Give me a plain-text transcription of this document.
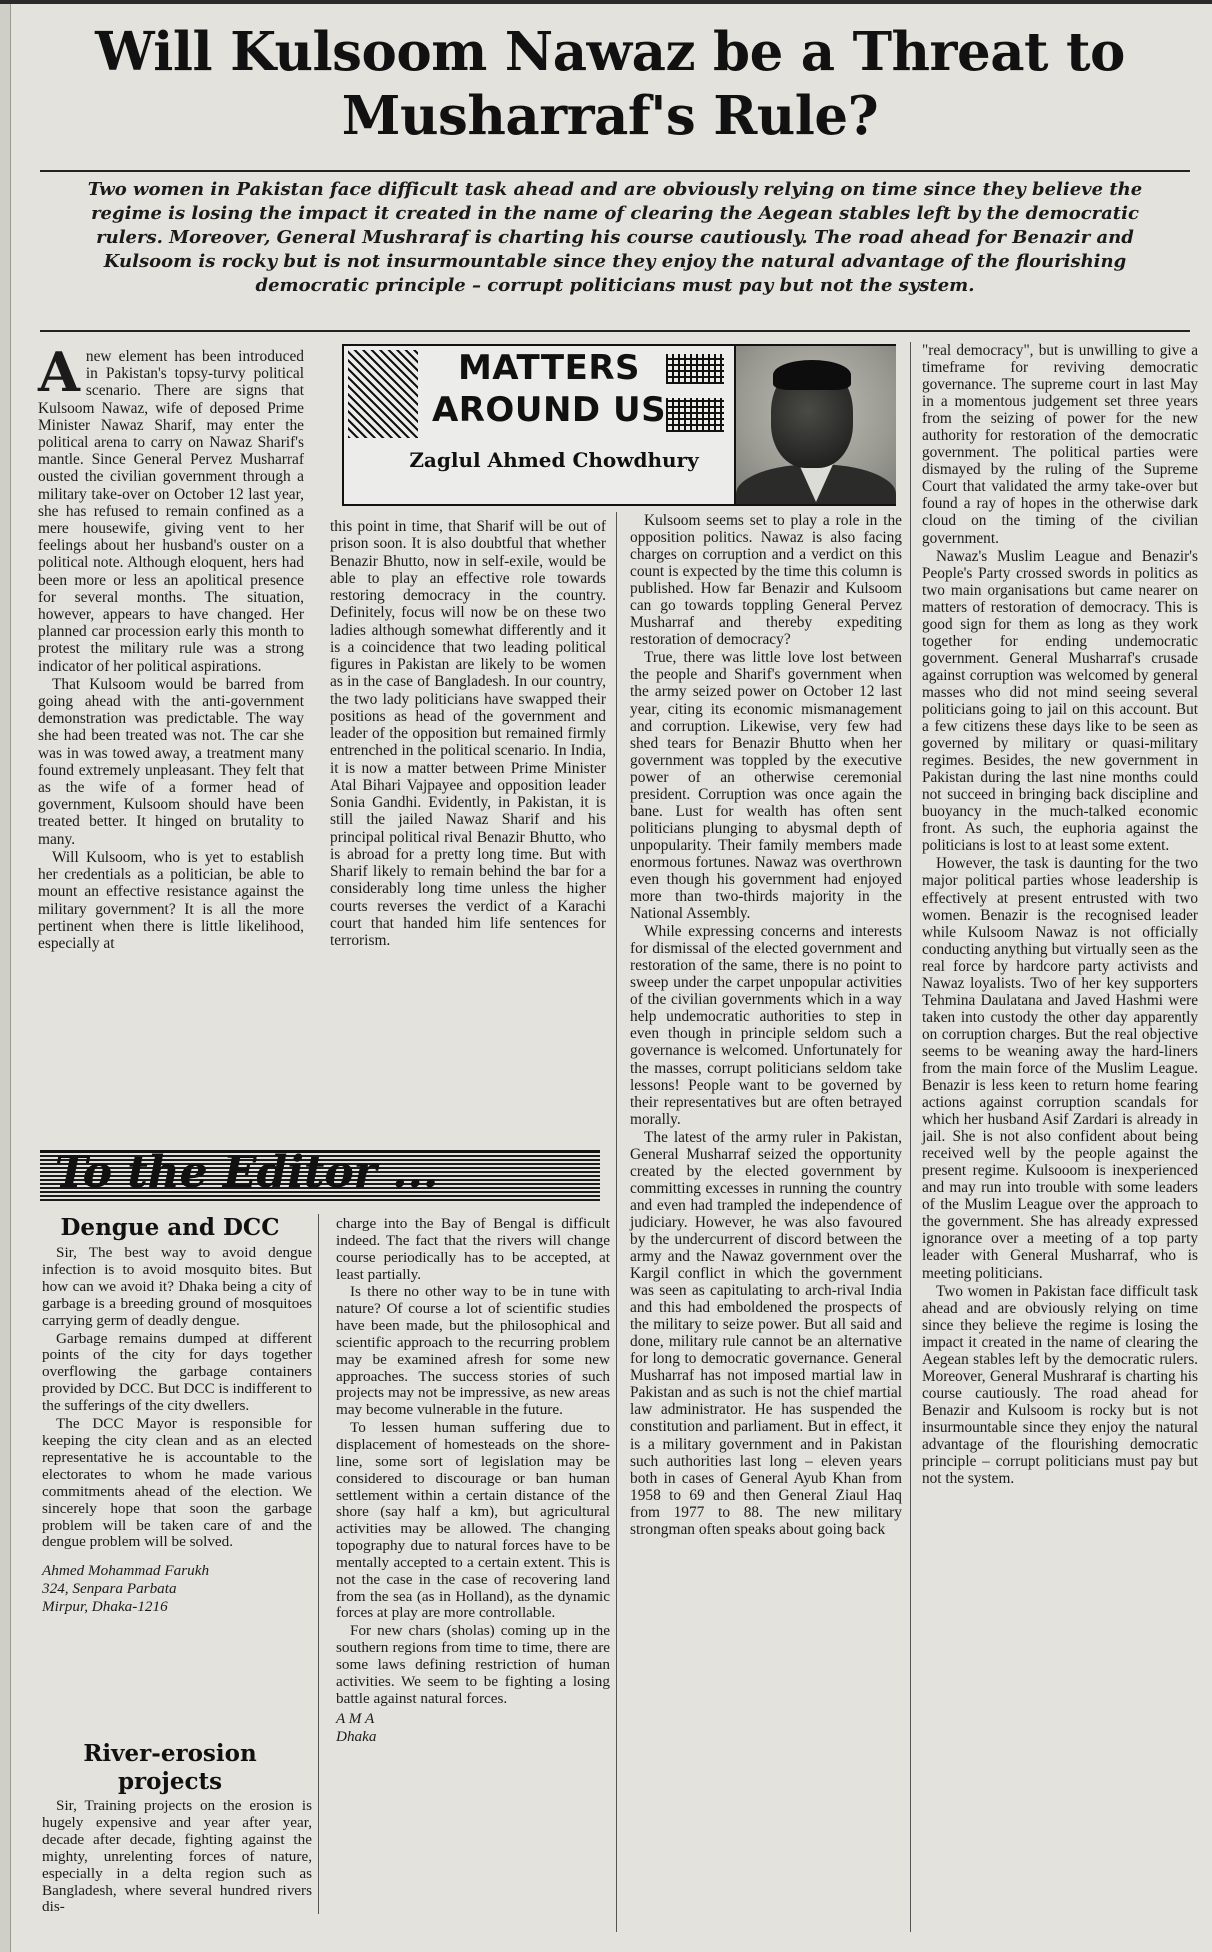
Will Kulsoom Nawaz be a Threat to Musharraf's Rule?

Two women in Pakistan face difficult task ahead and are obviously relying on time since they believe the regime is losing the impact it created in the name of clearing the Aegean stables left by the democratic rulers. Moreover, General Mushraraf is charting his course cautiously. The road ahead for Benazir and Kulsoom is rocky but is not insurmountable since they enjoy the natural advantage of the flourishing democratic principle – corrupt politicians must pay but not the system.

MATTERS
AROUND US
Zaglul Ahmed Chowdhury

Anew element has been introduced in Pakistan's topsy-turvy political scenario. There are signs that Kulsoom Nawaz, wife of deposed Prime Minister Nawaz Sharif, may enter the political arena to carry on Nawaz Sharif's mantle. Since General Pervez Musharraf ousted the civilian government through a military take-over on October 12 last year, she has refused to remain confined as a mere housewife, giving vent to her feelings about her husband's ouster on a political note. Although eloquent, hers had been more or less an apolitical presence for several months. The situation, however, appears to have changed. Her planned car procession early this month to protest the military rule was a strong indicator of her political aspirations.

That Kulsoom would be barred from going ahead with the anti-government demonstration was predictable. The way she had been treated was not. The car she was in was towed away, a treatment many found extremely unpleasant. They felt that as the wife of a former head of government, Kulsoom should have been treated better. It hinged on brutality to many.

Will Kulsoom, who is yet to establish her credentials as a politician, be able to mount an effective resistance against the military government? It is all the more pertinent when there is little likelihood, especially at

this point in time, that Sharif will be out of prison soon. It is also doubtful that whether Benazir Bhutto, now in self-exile, would be able to play an effective role towards restoring democracy in the country. Definitely, focus will now be on these two ladies although somewhat differently and it is a coincidence that two leading political figures in Pakistan are likely to be women as in the case of Bangladesh. In our country, the two lady politicians have swapped their positions as head of the government and leader of the opposition but remained firmly entrenched in the political scenario. In India, it is now a matter between Prime Minister Atal Bihari Vajpayee and opposition leader Sonia Gandhi. Evidently, in Pakistan, it is still the jailed Nawaz Sharif and his principal political rival Benazir Bhutto, who is abroad for a pretty long time. But with Sharif likely to remain behind the bar for a considerably long time unless the higher courts reverses the verdict of a Karachi court that handed him life sentences for terrorism.

Kulsoom seems set to play a role in the opposition politics. Nawaz is also facing charges on corruption and a verdict on this count is expected by the time this column is published. How far Benazir and Kulsoom can go towards toppling General Pervez Musharraf and thereby expediting restoration of democracy?

True, there was little love lost between the people and Sharif's government when the army seized power on October 12 last year, citing its economic mismanagement and corruption. Likewise, very few had shed tears for Benazir Bhutto when her government was toppled by the executive power of an otherwise ceremonial president. Corruption was once again the bane. Lust for wealth has often sent politicians plunging to abysmal depth of unpopularity. Their family members made enormous fortunes. Nawaz was overthrown even though his government had enjoyed more than two-thirds majority in the National Assembly.

While expressing concerns and interests for dismissal of the elected government and restoration of the same, there is no point to sweep under the carpet unpopular activities of the civilian governments which in a way help undemocratic authorities to step in even though in principle seldom such a governance is welcomed. Unfortunately for the masses, corrupt politicians seldom take lessons! People want to be governed by their representatives but are often betrayed morally.

The latest of the army ruler in Pakistan, General Musharraf seized the opportunity created by the elected government by committing excesses in running the country and even had trampled the independence of judiciary. However, he was also favoured by the undercurrent of discord between the army and the Nawaz government over the Kargil conflict in which the government was seen as capitulating to arch-rival India and this had emboldened the prospects of the military to seize power. But all said and done, military rule cannot be an alternative for long to democratic governance. General Musharraf has not imposed martial law in Pakistan and as such is not the chief martial law administrator. He has suspended the constitution and parliament. But in effect, it is a military government and in Pakistan such authorities last long – eleven years both in cases of General Ayub Khan from 1958 to 69 and then General Ziaul Haq from 1977 to 88. The new military strongman often speaks about going back

"real democracy", but is unwilling to give a timeframe for reviving democratic governance. The supreme court in last May in a momentous judgement set three years from the seizing of power for the new authority for restoration of the democratic government. The political parties were dismayed by the ruling of the Supreme Court that validated the army take-over but found a ray of hopes in the otherwise dark cloud on the timing of the civilian government.

Nawaz's Muslim League and Benazir's People's Party crossed swords in politics as two main organisations but came nearer on matters of restoration of democracy. This is good sign for them as long as they work together for ending undemocratic government. General Musharraf's crusade against corruption was welcomed by general masses who did not mind seeing several politicians going to jail on this account. But a few citizens these days like to be seen as governed by military or quasi-military regimes. Besides, the new government in Pakistan during the last nine months could not succeed in bringing back discipline and buoyancy in the much-talked economic front. As such, the euphoria against the politicians is lost to at least some extent.

However, the task is daunting for the two major political parties whose leadership is effectively at present entrusted with two women. Benazir is the recognised leader while Kulsoom Nawaz is not officially conducting anything but virtually seen as the real force by hardcore party activists and Nawaz loyalists. Two of her key supporters Tehmina Daulatana and Javed Hashmi were taken into custody the other day apparently on corruption charges. But the real objective seems to be weaning away the hard-liners from the main force of the Muslim League. Benazir is less keen to return home fearing actions against corruption scandals for which her husband Asif Zardari is already in jail. She is not also confident about being received well by the people against the present regime. Kulsooom is inexperienced and may run into trouble with some leaders of the Muslim League over the approach to the government. She has already expressed ignorance over a meeting of a top party leader with General Musharraf, who is meeting politicians.

Two women in Pakistan face difficult task ahead and are obviously relying on time since they believe the regime is losing the impact it created in the name of clearing the Aegean stables left by the democratic rulers. Moreover, General Mushraraf is charting his course cautiously. The road ahead for Benazir and Kulsoom is rocky but is not insurmountable since they enjoy the natural advantage of the flourishing democratic principle – corrupt politicians must pay but not the system.

To the Editor ...
Dengue and DCC

Sir, The best way to avoid dengue infection is to avoid mosquito bites. But how can we avoid it? Dhaka being a city of garbage is a breeding ground of mosquitoes carrying germ of deadly dengue.

Garbage remains dumped at different points of the city for days together overflowing the garbage containers provided by DCC. But DCC is indifferent to the sufferings of the city dwellers.

The DCC Mayor is responsible for keeping the city clean and as an elected representative he is accountable to the electorates to whom he made various commitments ahead of the election. We sincerely hope that soon the garbage problem will be taken care of and the dengue problem will be solved.

Ahmed Mohammad Farukh

324, Senpara Parbata

Mirpur, Dhaka-1216

River-erosion projects

Sir, Training projects on the erosion is hugely expensive and year after year, decade after decade, fighting against the mighty, unrelenting forces of nature, especially in a delta region such as Bangladesh, where several hundred rivers dis-

charge into the Bay of Bengal is difficult indeed. The fact that the rivers will change course periodically has to be accepted, at least partially.

Is there no other way to be in tune with nature? Of course a lot of scientific studies have been made, but the philosophical and scientific approach to the recurring problem may be examined afresh for some new approaches. The success stories of such projects may not be impressive, as new areas may become vulnerable in the future.

To lessen human suffering due to displacement of homesteads on the shore-line, some sort of legislation may be considered to discourage or ban human settlement within a certain distance of the shore (say half a km), but agricultural activities may be allowed. The changing topography due to natural forces have to be mentally accepted to a certain extent. This is not the case in the case of recovering land from the sea (as in Holland), as the dynamic forces at play are more controllable.

For new chars (sholas) coming up in the southern regions from time to time, there are some laws defining restriction of human activities. We seem to be fighting a losing battle against natural forces.

A M A

Dhaka
